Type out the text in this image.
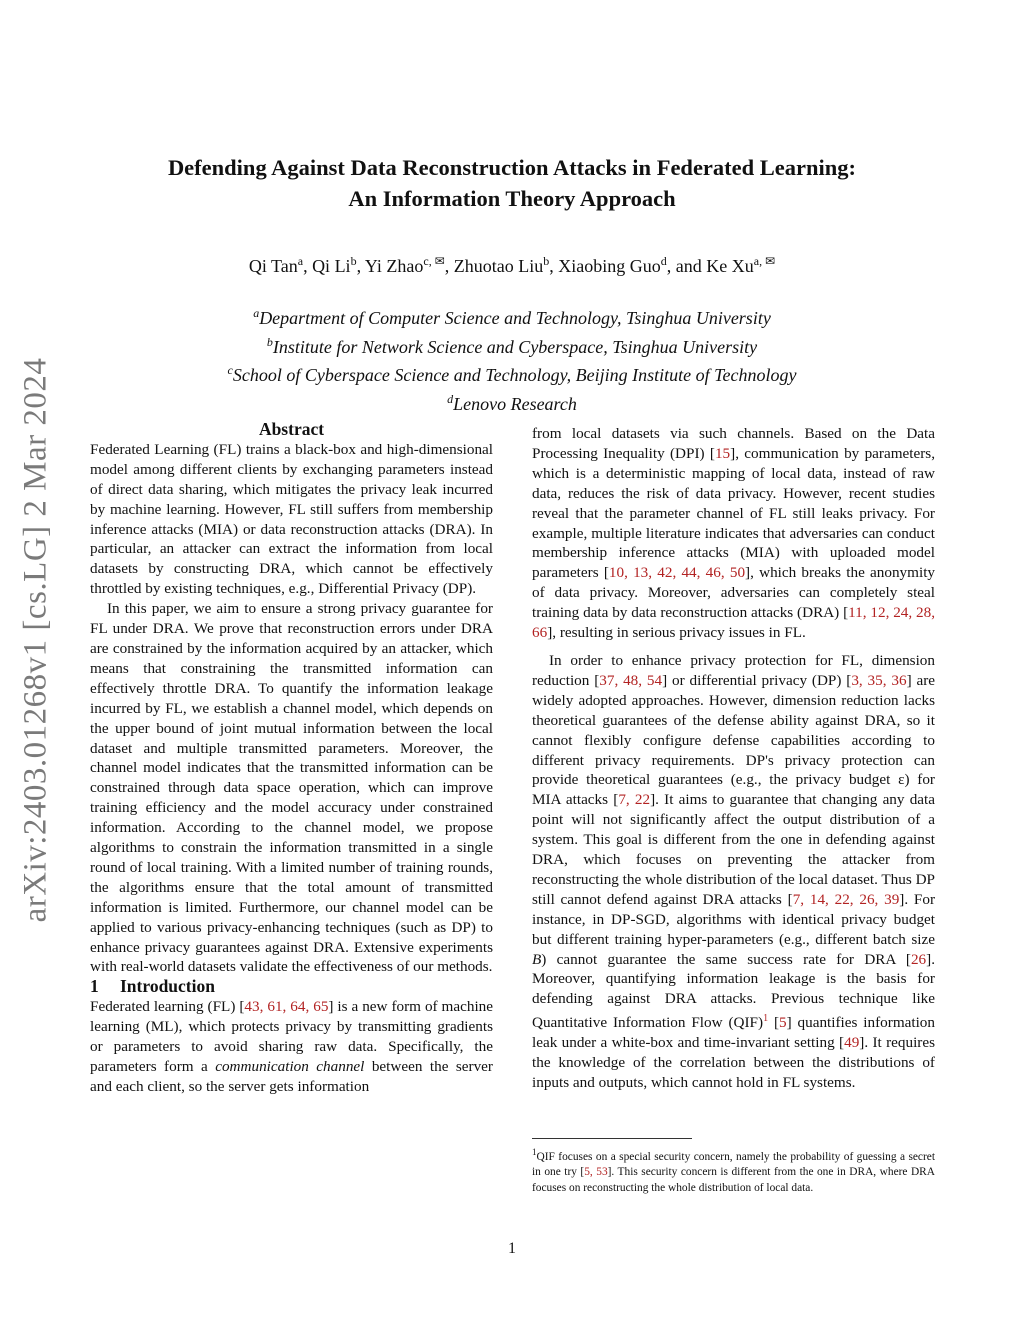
arXiv:2403.01268v1 [cs.LG] 2 Mar 2024
Defending Against Data Reconstruction Attacks in Federated Learning:
An Information Theory Approach
Qi Tan$^a$, Qi Li$^b$, Yi Zhao$^{c, ✉}$, Zhuotao Liu$^b$, Xiaobing Guo$^d$, and Ke $Xu^{a, ✉}$
$^a$Department of Computer Science and Technology, Tsinghua University
$^b$Institute for Network Science and Cyberspace, Tsinghua University
$^c$School of Cyberspace Science and Technology, Beijing Institute of Technology
$^d$Lenovo Research

Abstract

Federated Learning (FL) trains a black-box and high-dimensional model among different clients by exchanging parameters instead of direct data sharing, which mitigates the privacy leak incurred by machine learning. However, FL still suffers from membership inference attacks (MIA) or data reconstruction attacks (DRA). In particular, an attacker can extract the information from local datasets by constructing DRA, which cannot be effectively throttled by existing techniques, e.g., Differential Privacy (DP).

In this paper, we aim to ensure a strong privacy guarantee for FL under DRA. We prove that reconstruction errors under DRA are constrained by the information acquired by an attacker, which means that constraining the transmitted information can effectively throttle DRA. To quantify the information leakage incurred by FL, we establish a channel model, which depends on the upper bound of joint mutual information between the local dataset and multiple transmitted parameters. Moreover, the channel model indicates that the transmitted information can be constrained through data space operation, which can improve training efficiency and the model accuracy under constrained information. According to the channel model, we propose algorithms to constrain the information transmitted in a single round of local training. With a limited number of training rounds, the algorithms ensure that the total amount of transmitted information is limited. Furthermore, our channel model can be applied to various privacy-enhancing techniques (such as DP) to enhance privacy guarantees against DRA. Extensive experiments with real-world datasets validate the effectiveness of our methods.

1 Introduction

Federated learning (FL) [43, 61, 64, 65] is a new form of machine learning (ML), which protects privacy by transmitting gradients or parameters to avoid sharing raw data. Specifically, the parameters form a communication channel between the server and each client, so the server gets information

from local datasets via such channels. Based on the Data Processing Inequality (DPI) [15], communication by parameters, which is a deterministic mapping of local data, instead of raw data, reduces the risk of data privacy. However, recent studies reveal that the parameter channel of FL still leaks privacy. For example, multiple literature indicates that adversaries can conduct membership inference attacks (MIA) with uploaded model parameters [10, 13, 42, 44, 46, 50], which breaks the anonymity of data privacy. Moreover, adversaries can completely steal training data by data reconstruction attacks (DRA) [11, 12, 24, 28, 66], resulting in serious privacy issues in FL.

In order to enhance privacy protection for FL, dimension reduction [37, 48, 54] or differential privacy (DP) [3, 35, 36] are widely adopted approaches. However, dimension reduction lacks theoretical guarantees of the defense ability against DRA, so it cannot flexibly configure defense capabilities according to different privacy requirements. DP's privacy protection can provide theoretical guarantees (e.g., the privacy budget ε) for MIA attacks [7, 22]. It aims to guarantee that changing any data point will not significantly affect the output distribution of a system. This goal is different from the one in defending against DRA, which focuses on preventing the attacker from reconstructing the whole distribution of the local dataset. Thus DP still cannot defend against DRA attacks [7, 14, 22, 26, 39]. For instance, in DP-SGD, algorithms with identical privacy budget but different training hyper-parameters (e.g., different batch size B) cannot guarantee the same success rate for DRA [26]. Moreover, quantifying information leakage is the basis for defending against DRA attacks. Previous technique like Quantitative Information Flow (QIF)$^1$ [5] quantifies information leak under a white-box and time-invariant setting [49]. It requires the knowledge of the correlation between the distributions of inputs and outputs, which cannot hold in FL systems.

$^1$QIF focuses on a special security concern, namely the probability of guessing a secret in one try [5, 53]. This security concern is different from the one in DRA, where DRA focuses on reconstructing the whole distribution of local data.
1
